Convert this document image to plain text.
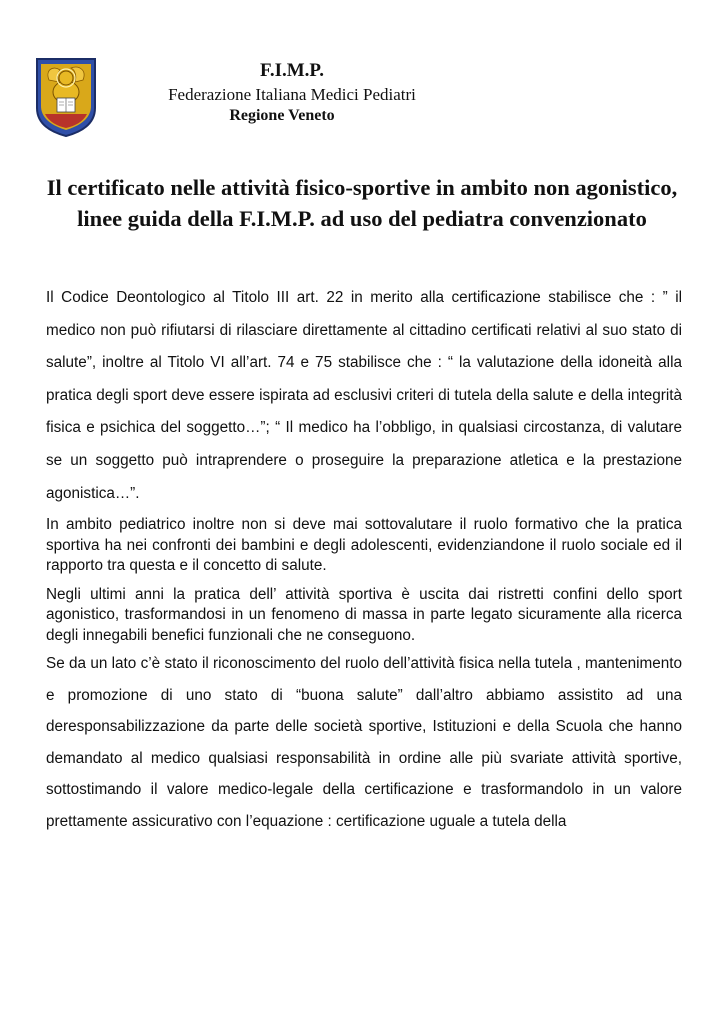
F.I.M.P.
Federazione Italiana Medici Pediatri
Regione Veneto
Il certificato nelle attività fisico-sportive in ambito non agonistico, linee guida della F.I.M.P. ad uso del pediatra convenzionato

Il Codice Deontologico al Titolo III art. 22 in merito alla certificazione stabilisce che : ” il medico non può rifiutarsi di rilasciare direttamente al cittadino certificati relativi al suo stato di salute”, inoltre al Titolo VI all’art. 74 e 75 stabilisce che : “ la valutazione della idoneità alla pratica degli sport deve essere ispirata ad esclusivi criteri di tutela della salute e della integrità fisica e psichica del soggetto…”; “ Il medico ha l’obbligo, in qualsiasi circostanza, di valutare se un soggetto può intraprendere o proseguire la preparazione atletica e la prestazione agonistica…”.

In ambito pediatrico inoltre non si deve mai sottovalutare il ruolo formativo che la pratica sportiva ha nei confronti dei bambini e degli adolescenti, evidenziandone il ruolo sociale ed il rapporto tra questa e il concetto di salute.

Negli ultimi anni la pratica dell’ attività sportiva è uscita dai ristretti confini dello sport agonistico, trasformandosi in un fenomeno di massa in parte legato sicuramente alla ricerca degli innegabili benefici funzionali che ne conseguono.

Se da un lato c’è stato il riconoscimento del ruolo dell’attività fisica nella tutela , mantenimento e promozione di uno stato di “buona salute” dall’altro abbiamo assistito ad una deresponsabilizzazione da parte delle società sportive, Istituzioni e della Scuola che hanno demandato al medico qualsiasi responsabilità in ordine alle più svariate attività sportive, sottostimando il valore medico-legale della certificazione e trasformandolo in un valore prettamente assicurativo con l’equazione : certificazione uguale a tutela della
